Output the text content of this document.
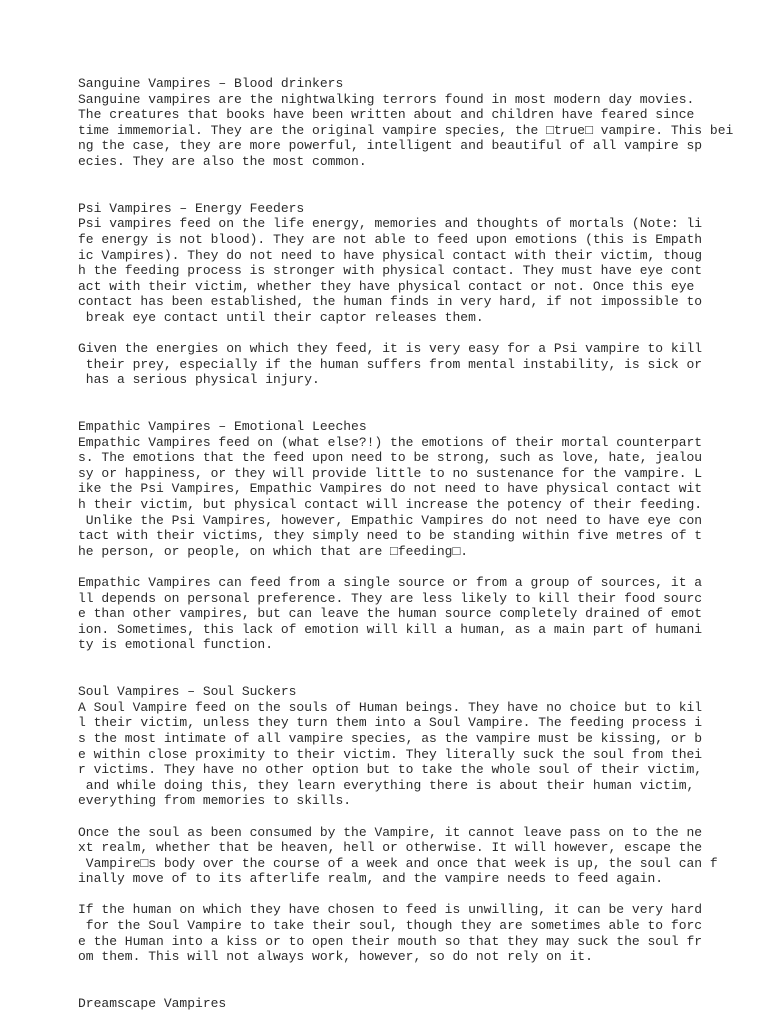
Sanguine Vampires – Blood drinkers
Sanguine vampires are the nightwalking terrors found in most modern day movies.
The creatures that books have been written about and children have feared since
time immemorial. They are the original vampire species, the □true□ vampire. This bei
ng the case, they are more powerful, intelligent and beautiful of all vampire sp
ecies. They are also the most common.
Psi Vampires – Energy Feeders
Psi vampires feed on the life energy, memories and thoughts of mortals (Note: li
fe energy is not blood). They are not able to feed upon emotions (this is Empath
ic Vampires). They do not need to have physical contact with their victim, thoug
h the feeding process is stronger with physical contact. They must have eye cont
act with their victim, whether they have physical contact or not. Once this eye
contact has been established, the human finds in very hard, if not impossible to
break eye contact until their captor releases them.
Given the energies on which they feed, it is very easy for a Psi vampire to kill
their prey, especially if the human suffers from mental instability, is sick or
has a serious physical injury.
Empathic Vampires – Emotional Leeches
Empathic Vampires feed on (what else?!) the emotions of their mortal counterpart
s. The emotions that the feed upon need to be strong, such as love, hate, jealou
sy or happiness, or they will provide little to no sustenance for the vampire. L
ike the Psi Vampires, Empathic Vampires do not need to have physical contact wit
h their victim, but physical contact will increase the potency of their feeding.
Unlike the Psi Vampires, however, Empathic Vampires do not need to have eye con
tact with their victims, they simply need to be standing within five metres of t
he person, or people, on which that are □feeding□.
Empathic Vampires can feed from a single source or from a group of sources, it a
ll depends on personal preference. They are less likely to kill their food sourc
e than other vampires, but can leave the human source completely drained of emot
ion. Sometimes, this lack of emotion will kill a human, as a main part of humani
ty is emotional function.
Soul Vampires – Soul Suckers
A Soul Vampire feed on the souls of Human beings. They have no choice but to kil
l their victim, unless they turn them into a Soul Vampire. The feeding process i
s the most intimate of all vampire species, as the vampire must be kissing, or b
e within close proximity to their victim. They literally suck the soul from thei
r victims. They have no other option but to take the whole soul of their victim,
and while doing this, they learn everything there is about their human victim,
everything from memories to skills.
Once the soul as been consumed by the Vampire, it cannot leave pass on to the ne
xt realm, whether that be heaven, hell or otherwise. It will however, escape the
Vampire□s body over the course of a week and once that week is up, the soul can f
inally move of to its afterlife realm, and the vampire needs to feed again.
If the human on which they have chosen to feed is unwilling, it can be very hard
for the Soul Vampire to take their soul, though they are sometimes able to forc
e the Human into a kiss or to open their mouth so that they may suck the soul fr
om them. This will not always work, however, so do not rely on it.
Dreamscape Vampires
